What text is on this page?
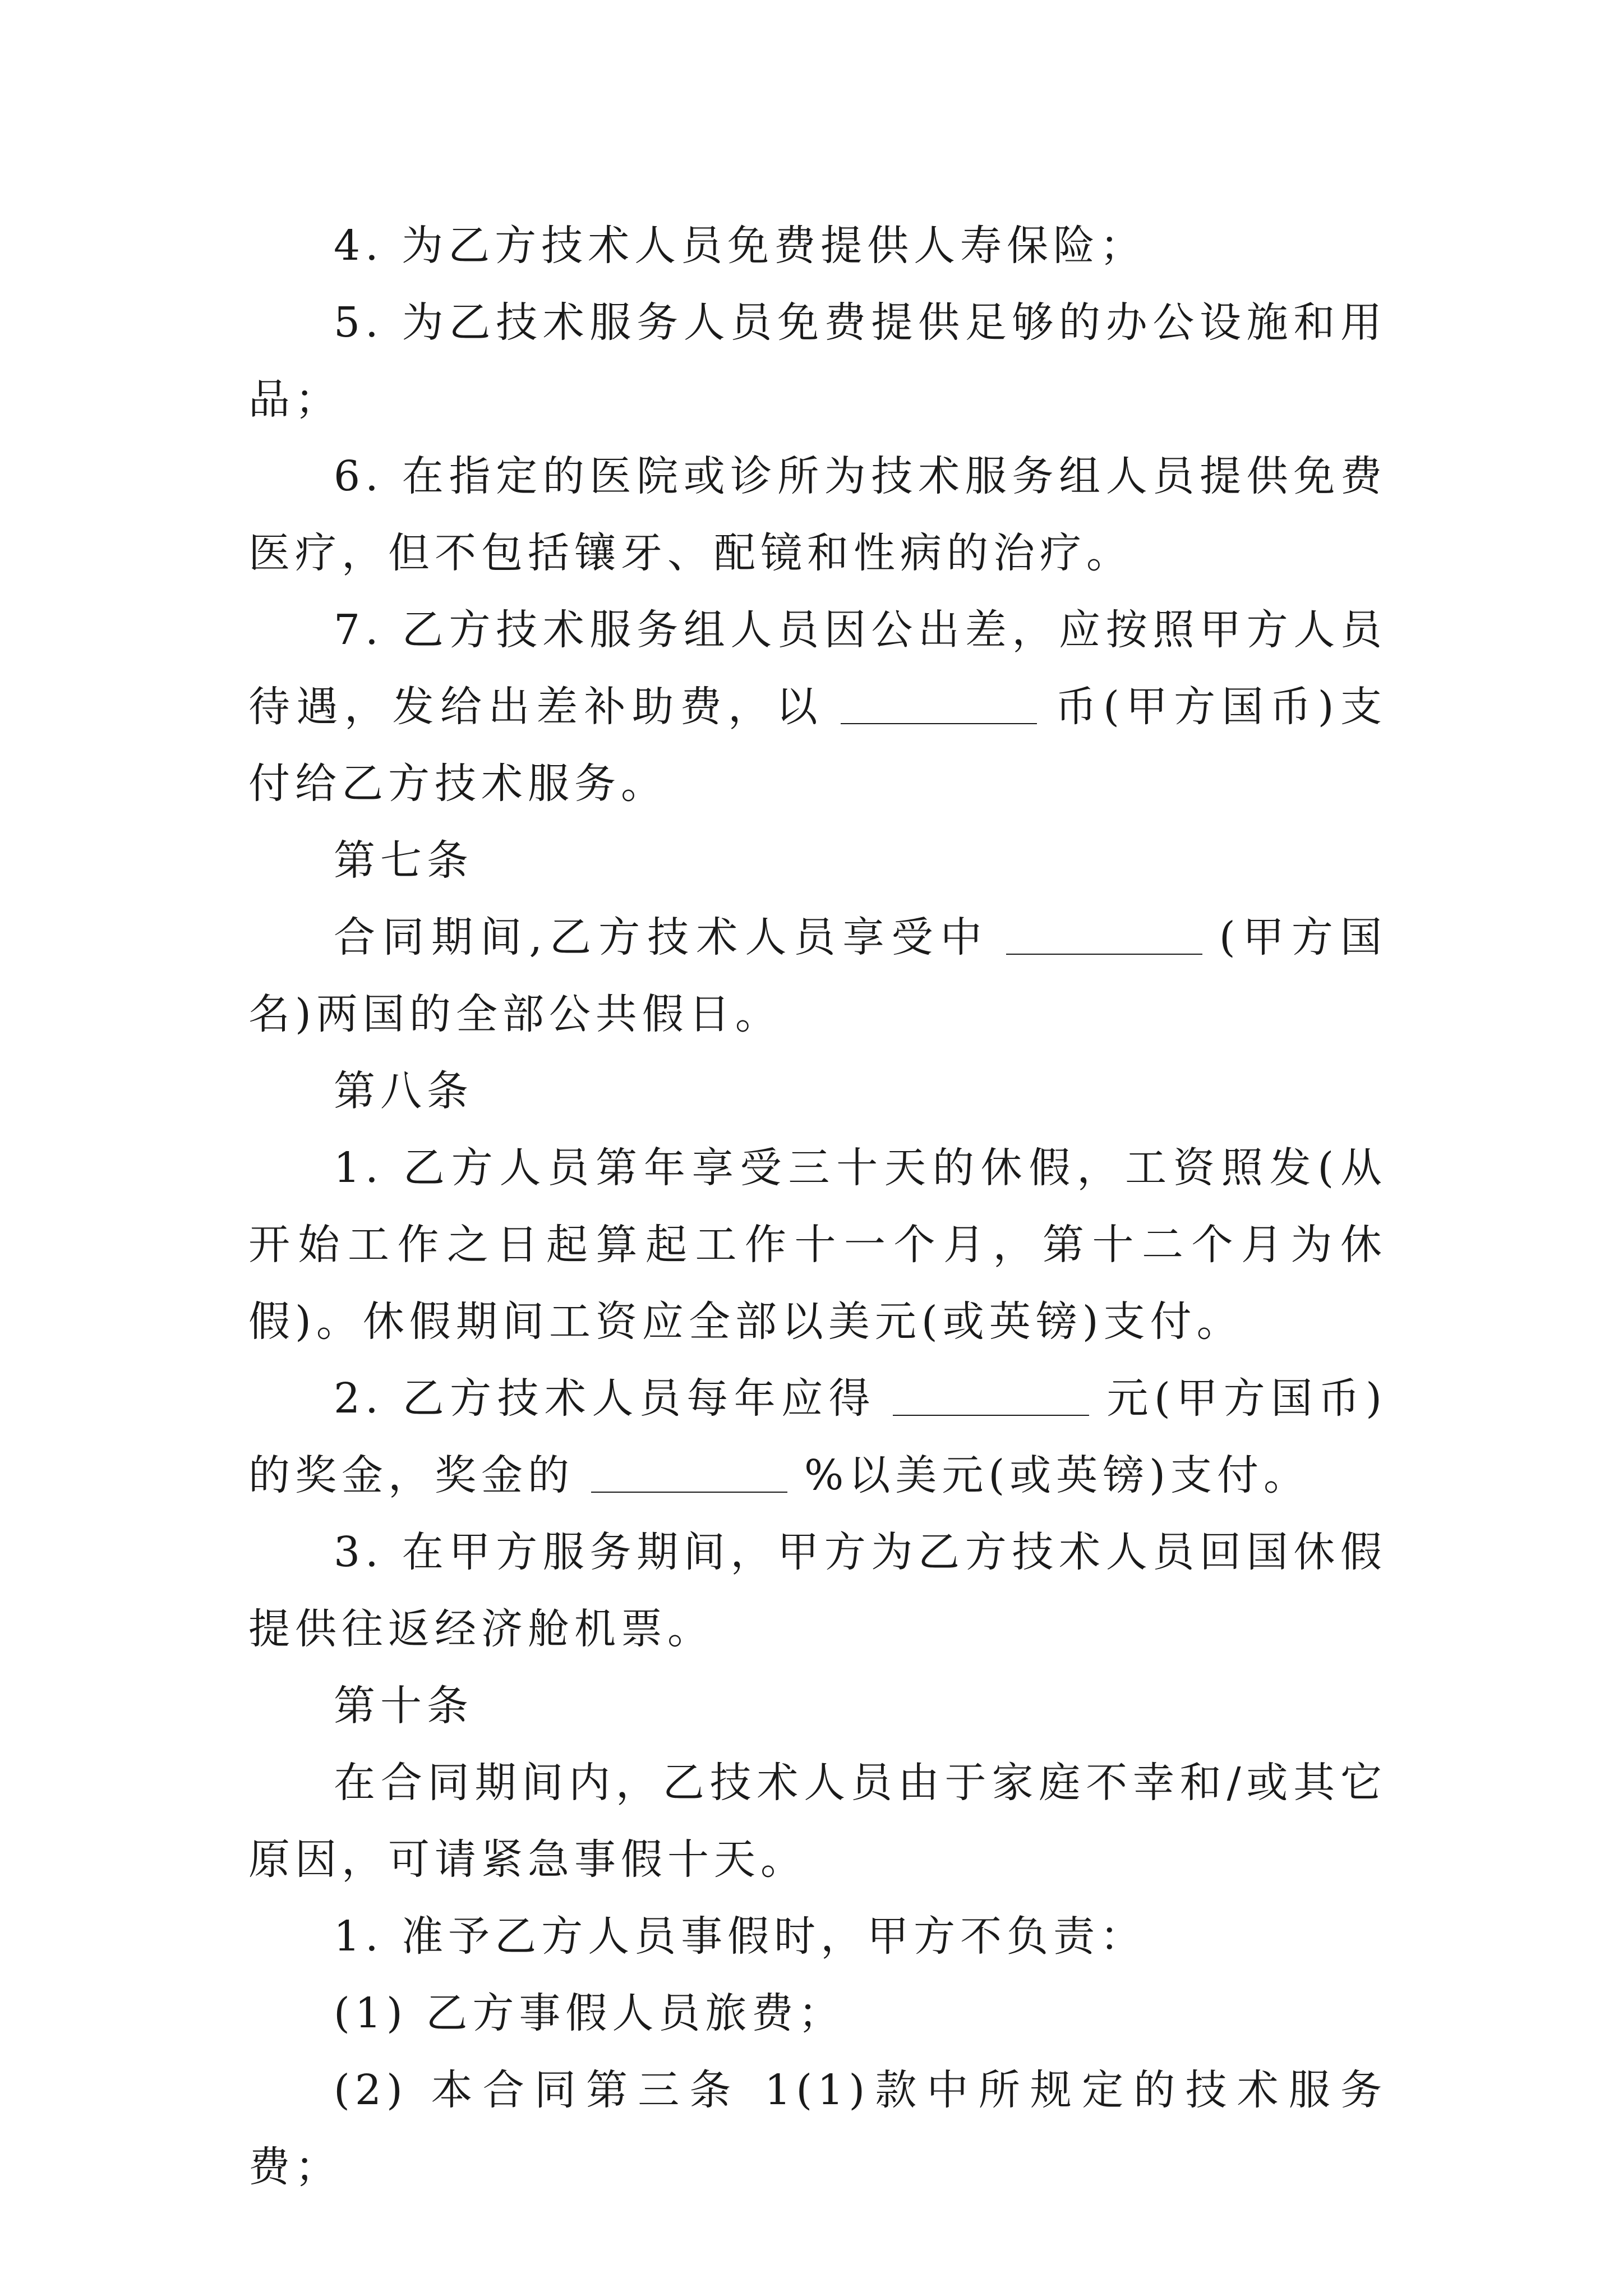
4. 为乙方技术人员免费提供人寿保险；

5. 为乙技术服务人员免费提供足够的办公设施和用品；

6. 在指定的医院或诊所为技术服务组人员提供免费医疗，但不包括镶牙、配镜和性病的治疗。

7. 乙方技术服务组人员因公出差，应按照甲方人员待遇，发给出差补助费，以	币(甲方国币)支付给乙方技术服务。

第七条

合同期间,乙方技术人员享受中	(甲方国名)两国的全部公共假日。

第八条

1. 乙方人员第年享受三十天的休假，工资照发(从开始工作之日起算起工作十一个月，第十二个月为休假)。休假期间工资应全部以美元(或英镑)支付。

2. 乙方技术人员每年应得	元(甲方国币)的奖金，奖金的	%以美元(或英镑)支付。

3. 在甲方服务期间，甲方为乙方技术人员回国休假提供往返经济舱机票。

第十条

在合同期间内，乙技术人员由于家庭不幸和/或其它原因，可请紧急事假十天。

1. 准予乙方人员事假时，甲方不负责：

(1) 乙方事假人员旅费；

(2) 本合同第三条 1(1)款中所规定的技术服务费；
